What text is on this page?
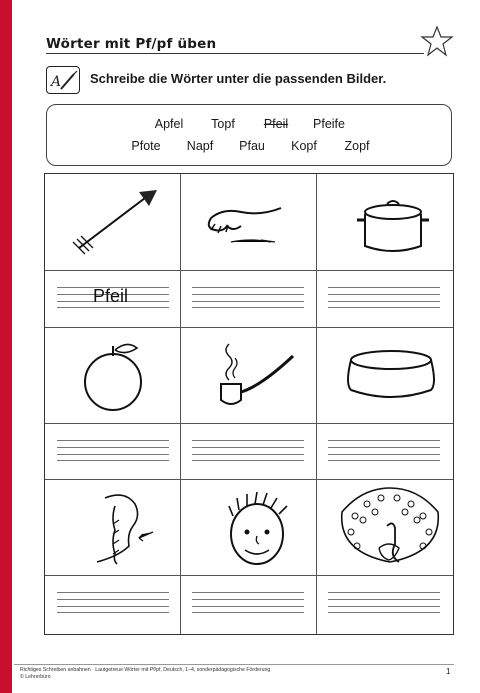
Wörter mit Pf/pf üben
A Schreibe die Wörter unter die passenden Bilder.
Apfel Topf Pfeil Pfeife
Pfote Napf Pfau Kopf Zopf
Pfeil
Richtiges Schreiben anbahnen · Lautgetreue Wörter mit Pf/pf, Deutsch, 1–4, sonderpädagogische Förderung
© Lehrerbüro
1
